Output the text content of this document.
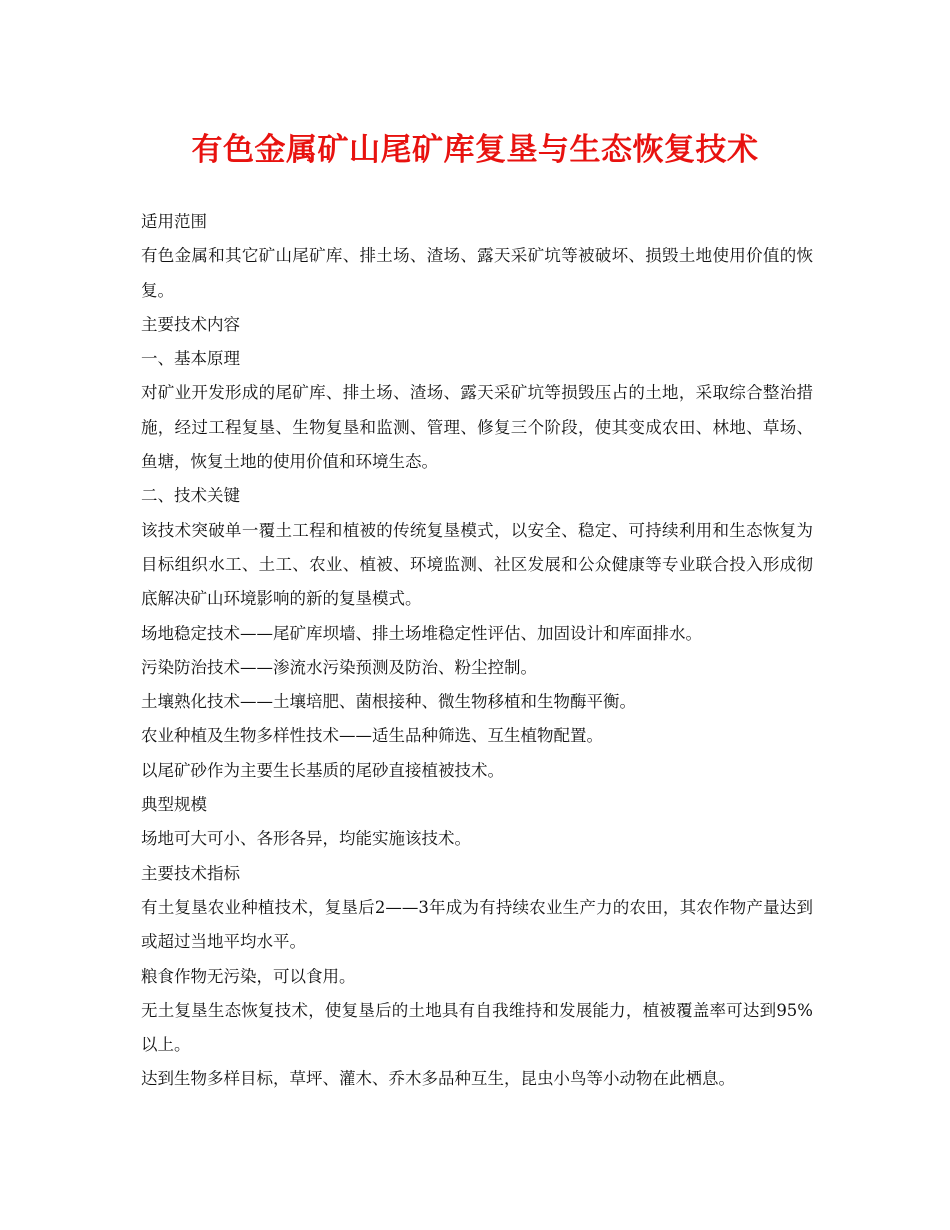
有色金属矿山尾矿库复垦与生态恢复技术

适用范围

有色金属和其它矿山尾矿库、排土场、渣场、露天采矿坑等被破坏、损毁土地使用价值的恢复。

主要技术内容

一、基本原理

对矿业开发形成的尾矿库、排土场、渣场、露天采矿坑等损毁压占的土地，采取综合整治措施，经过工程复垦、生物复垦和监测、管理、修复三个阶段，使其变成农田、林地、草场、鱼塘，恢复土地的使用价值和环境生态。

二、技术关键

该技术突破单一覆土工程和植被的传统复垦模式，以安全、稳定、可持续利用和生态恢复为目标组织水工、土工、农业、植被、环境监测、社区发展和公众健康等专业联合投入形成彻底解决矿山环境影响的新的复垦模式。

场地稳定技术——尾矿库坝墙、排土场堆稳定性评估、加固设计和库面排水。

污染防治技术——渗流水污染预测及防治、粉尘控制。

土壤熟化技术——土壤培肥、菌根接种、微生物移植和生物酶平衡。

农业种植及生物多样性技术——适生品种筛选、互生植物配置。

以尾矿砂作为主要生长基质的尾砂直接植被技术。

典型规模

场地可大可小、各形各异，均能实施该技术。

主要技术指标

有土复垦农业种植技术，复垦后2——3年成为有持续农业生产力的农田，其农作物产量达到或超过当地平均水平。

粮食作物无污染，可以食用。

无土复垦生态恢复技术，使复垦后的土地具有自我维持和发展能力，植被覆盖率可达到95%以上。

达到生物多样目标，草坪、灌木、乔木多品种互生，昆虫小鸟等小动物在此栖息。
